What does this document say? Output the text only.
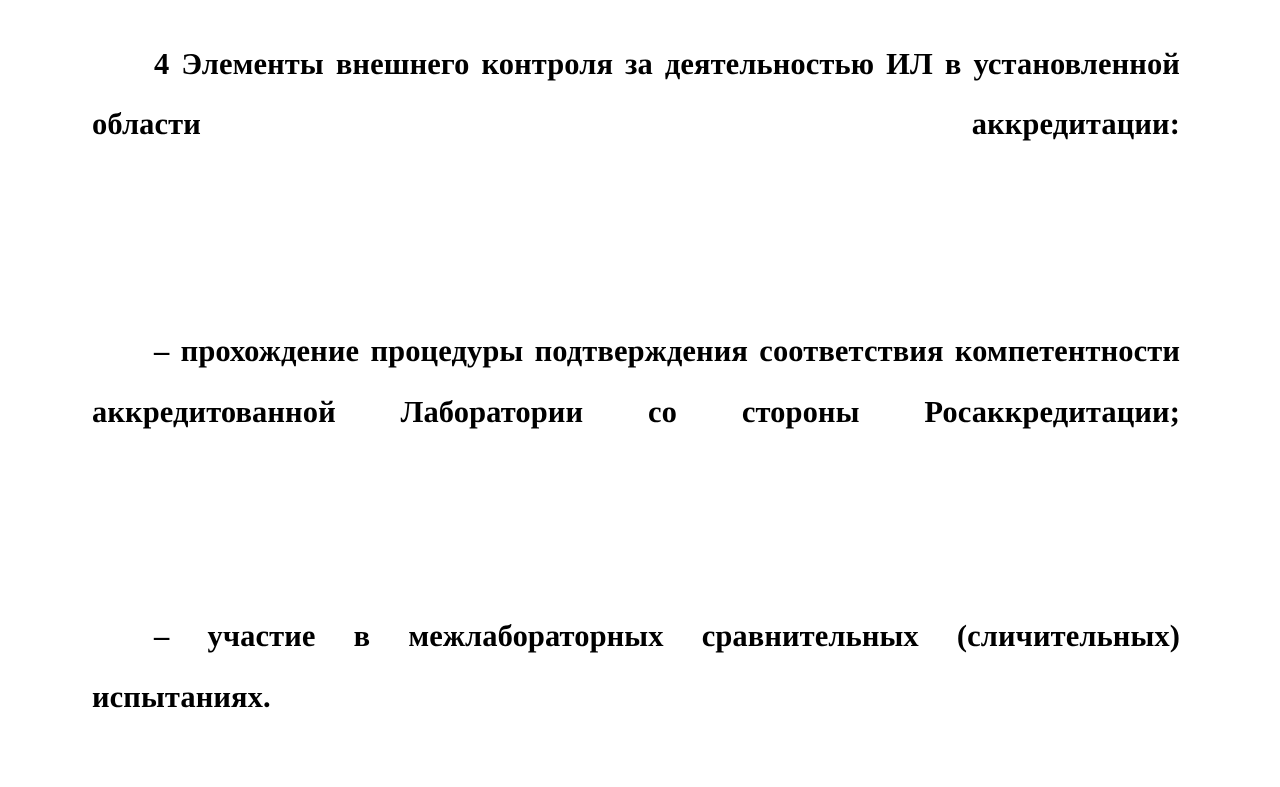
4 Элементы внешнего контроля за деятельностью ИЛ в установленной области аккредитации:

– прохождение процедуры подтверждения соответствия компетентности аккредитованной Лаборатории со стороны Росаккредитации;

– участие в межлабораторных сравнительных (сличительных) испытаниях.
